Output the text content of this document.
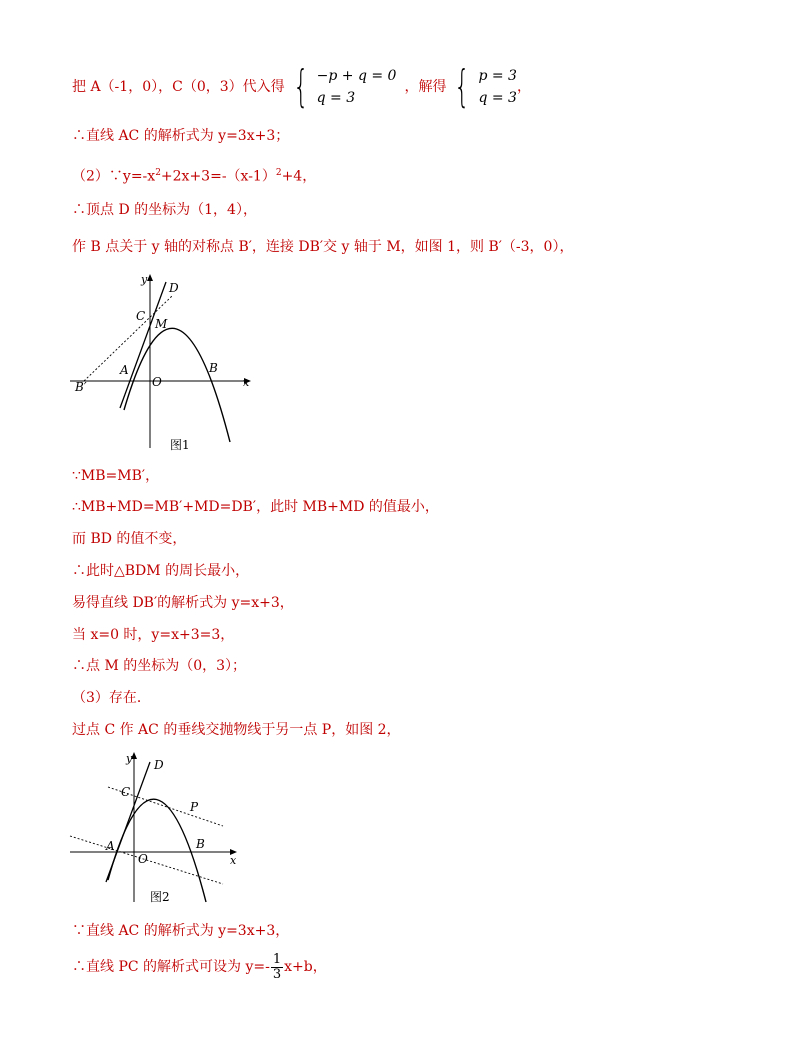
把 A（-1，0），C（0，3）代入得 { −p + q = 0
q = 3
，解得 { p = 3
q = 3
，
∴直线 AC 的解析式为 y=3x+3；
$(2)\because y=-x^2+2x+3=-(x-1)^2+4$，
∴顶点 D 的坐标为（1，4），
作 B 点关于 y 轴的对称点 B′，连接 DB′交 y 轴于 M，如图 1，则 B′（-3，0），
x
y
D
C
M
A
O
B
B′
图1
∵MB=MB′，
∴MB+MD=MB′+MD=DB′，此时 MB+MD 的值最小，
而 BD 的值不变，
∴此时△BDM 的周长最小，
易得直线 DB′的解析式为 y=x+3，
当 x=0 时，y=x+3=3，
∴点 M 的坐标为（0，3）；
（3）存在．
过点 C 作 AC 的垂线交抛物线于另一点 P，如图 2，
x
y D
C
P
A
O
B
图2
∵直线 AC 的解析式为 y=3x+3，
∴直线 PC 的解析式可设为 $y=- \frac{1}{3} x+b$，
